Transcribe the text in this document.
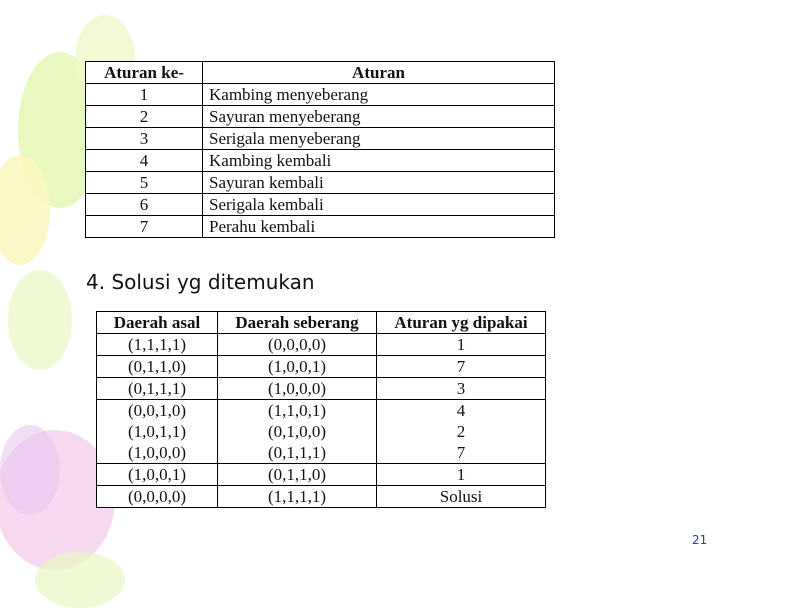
Aturan ke-	Aturan
1	Kambing menyeberang
2	Sayuran menyeberang
3	Serigala menyeberang
4	Kambing kembali
5	Sayuran kembali
6	Serigala kembali
7	Perahu kembali
4. Solusi yg ditemukan
Daerah asal	Daerah seberang	Aturan yg dipakai
(1,1,1,1)	(0,0,0,0)	1
(0,1,1,0)	(1,0,0,1)	7
(0,1,1,1)	(1,0,0,0)	3
(0,0,1,0)	(1,1,0,1)	4
(1,0,1,1)	(0,1,0,0)	2
(1,0,0,0)	(0,1,1,1)	7
(1,0,0,1)	(0,1,1,0)	1
(0,0,0,0)	(1,1,1,1)	Solusi
21
